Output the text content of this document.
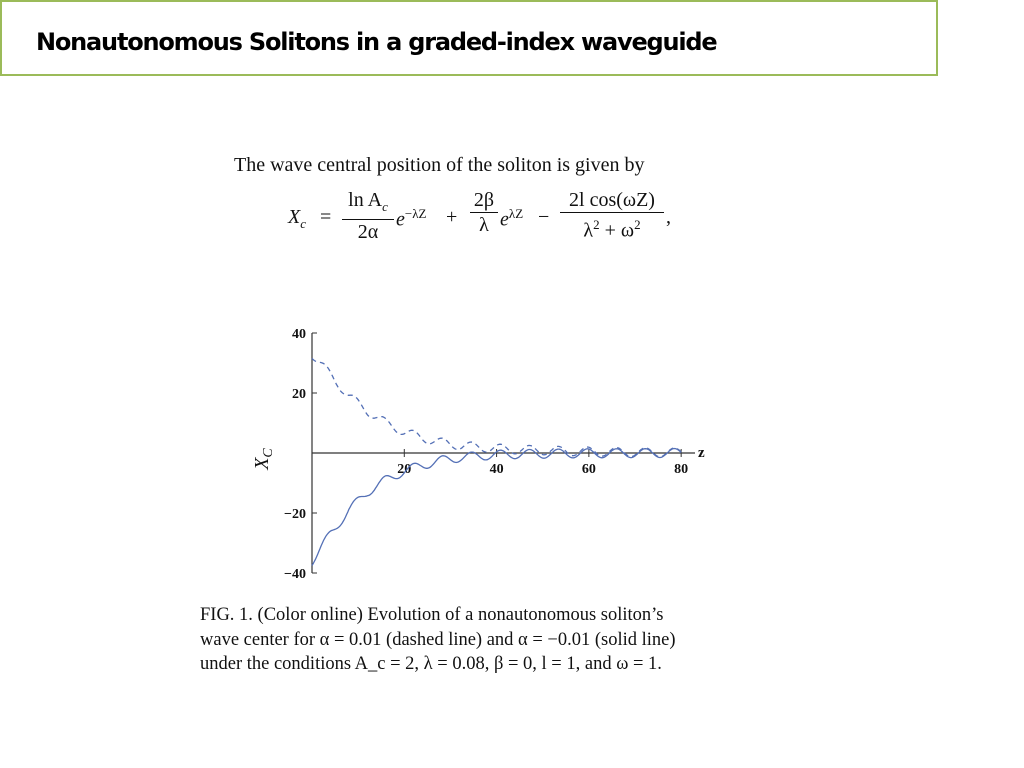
Nonautonomous Solitons in a graded-index waveguide
The wave central position of the soliton is given by
$X_c = \frac{\ln A_c}{2\alpha} e^{-\lambda Z} + \frac{2\beta}{\lambda} e^{\lambda Z} - \frac{\text{2l cos(ωZ)}}{\lambda^2 + \omega^2}$ ,
40
20
−20
−40
20	40	60	80
$X_C$	z
FIG. 1. (Color online) Evolution of a nonautonomous soliton’s
wave center for α = 0.01 (dashed line) and α = −0.01 (solid line)
under the conditions A_c = 2, λ = 0.08, β = 0, l = 1, and ω = 1.
